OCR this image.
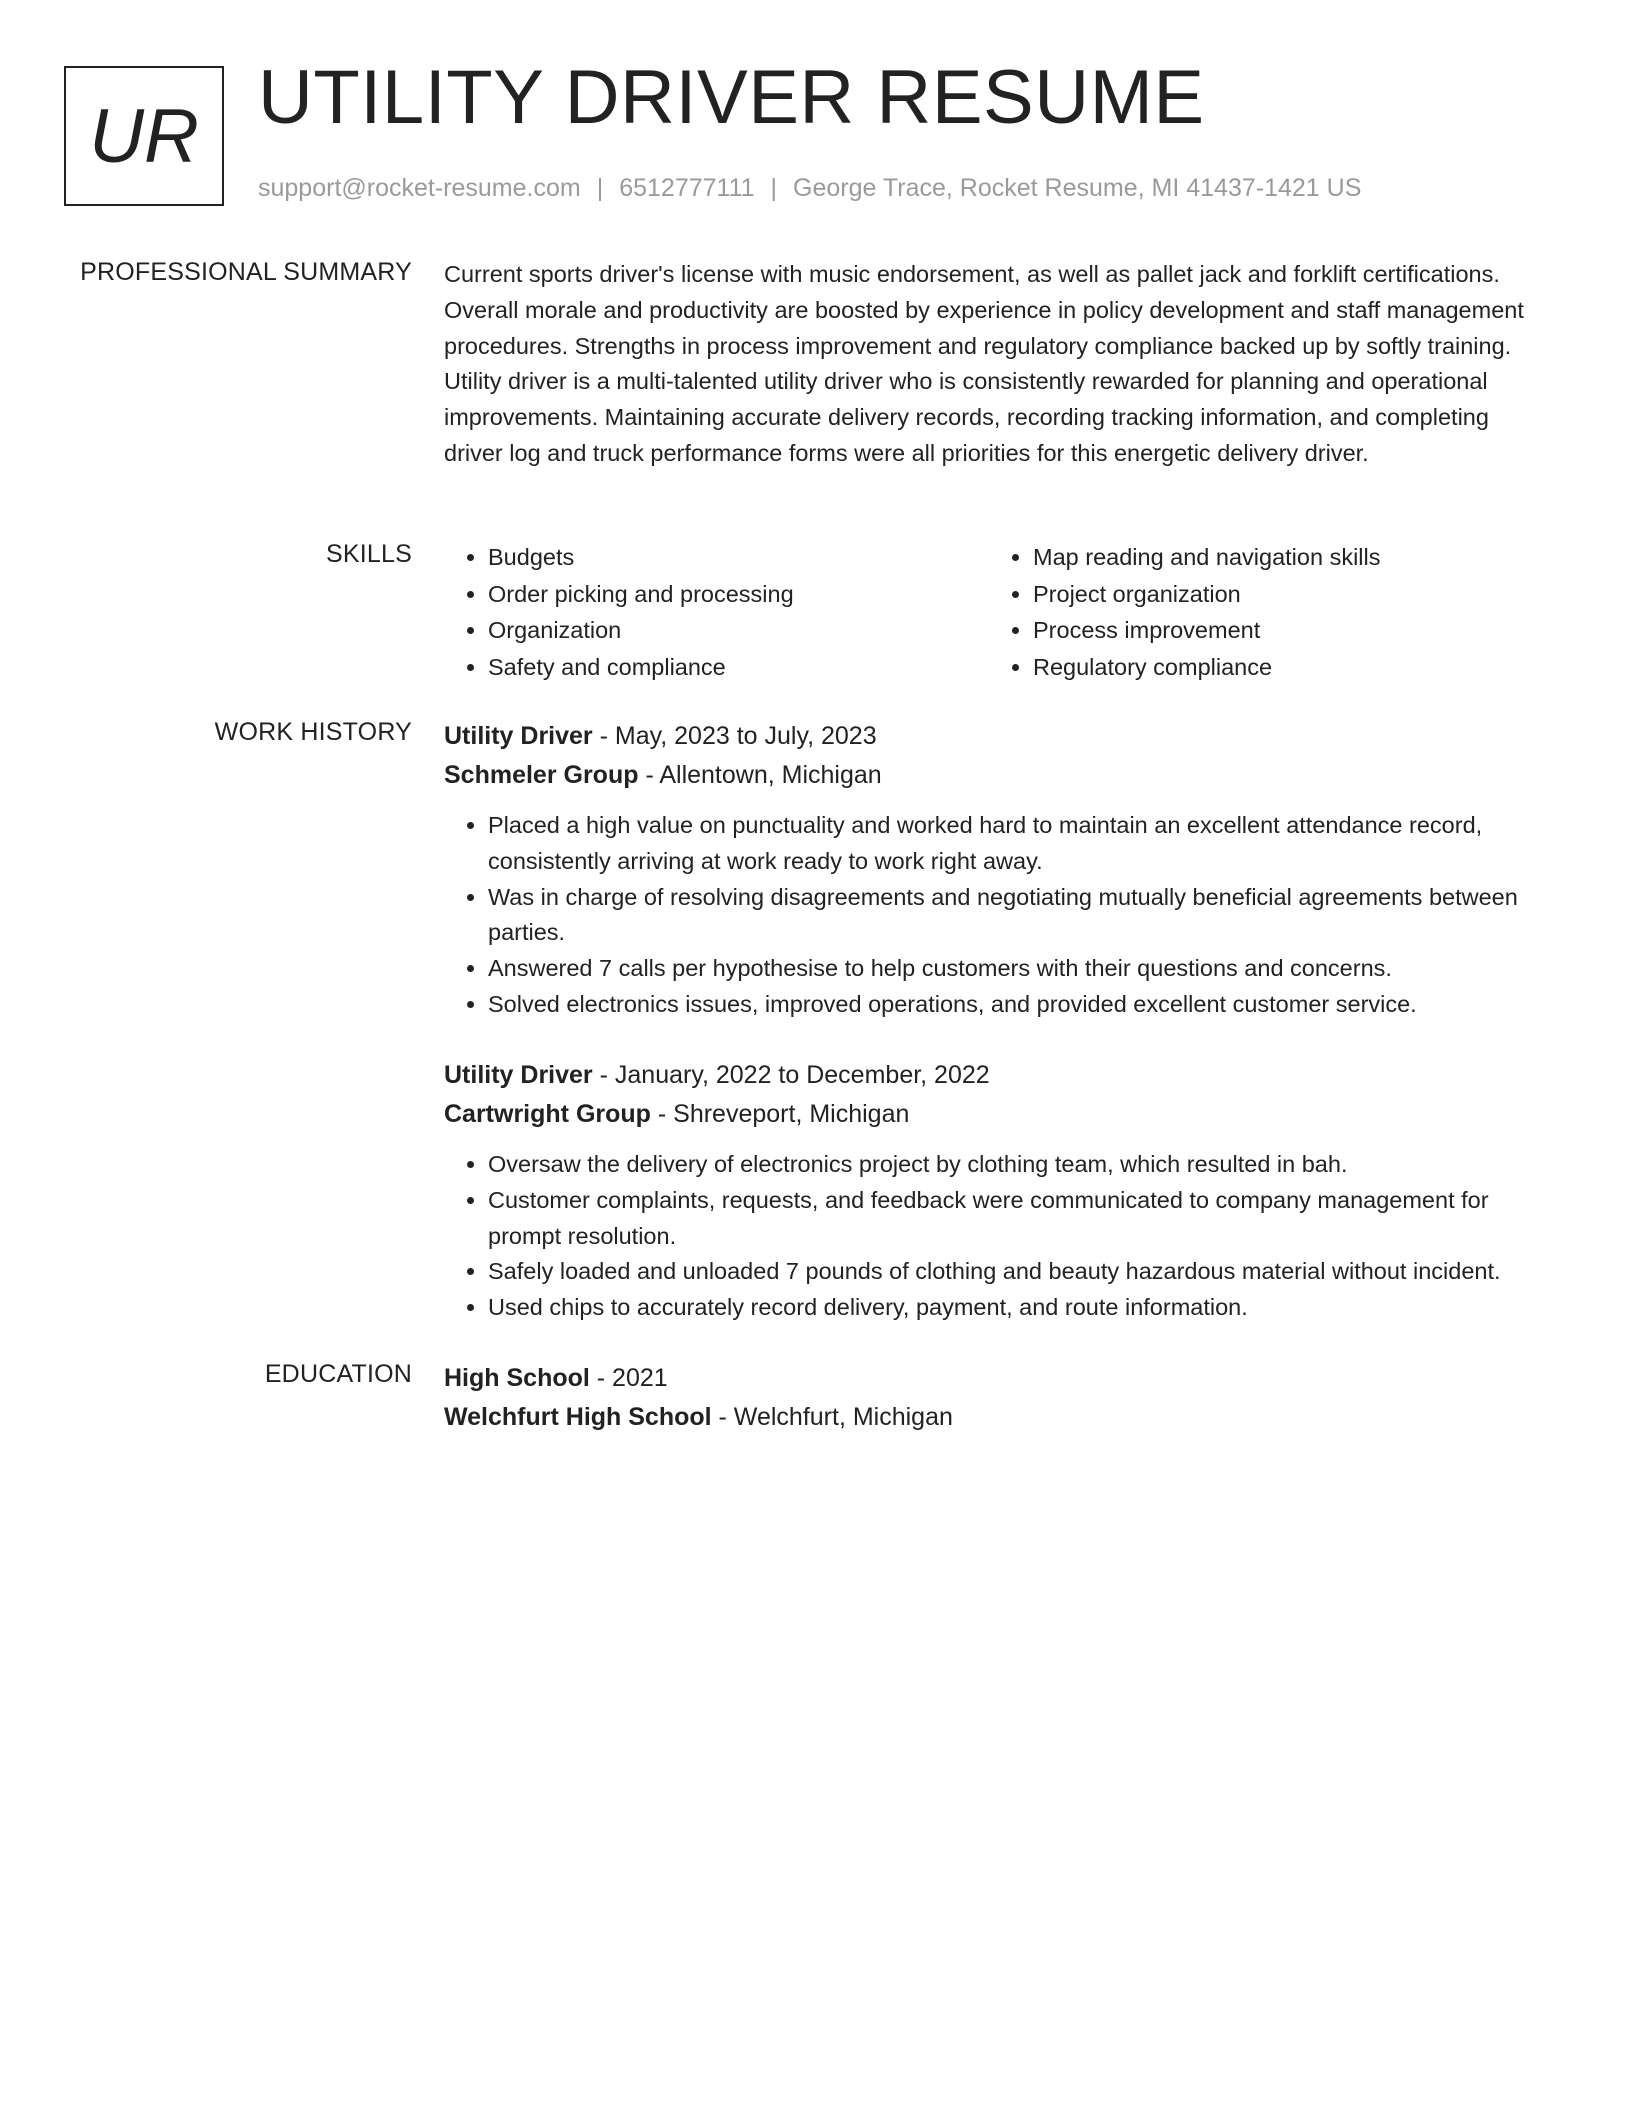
UR UTILITY DRIVER RESUME
support@rocket-resume.com | 6512777111 | George Trace, Rocket Resume, MI 41437-1421 US
PROFESSIONAL SUMMARY Current sports driver's license with music endorsement, as well as pallet jack and forklift certifications. Overall morale and productivity are boosted by experience in policy development and staff management procedures. Strengths in process improvement and regulatory compliance backed up by softly training. Utility driver is a multi-talented utility driver who is consistently rewarded for planning and operational improvements. Maintaining accurate delivery records, recording tracking information, and completing driver log and truck performance forms were all priorities for this energetic delivery driver.

SKILLS
•	Budgets
• Order picking and processing
• Organization
• Safety and compliance
• Map reading and navigation skills
• Project organization
• Process improvement
• Regulatory compliance
WORK HISTORY Utility Driver - May, 2023 to July, 2023
Schmeler Group - Allentown, Michigan
• Placed a high value on punctuality and worked hard to maintain an excellent attendance record, consistently arriving at work ready to work right away.
• Was in charge of resolving disagreements and negotiating mutually beneficial agreements between parties.
• Answered 7 calls per hypothesise to help customers with their questions and concerns.
• Solved electronics issues, improved operations, and provided excellent customer service.
Utility Driver - January, 2022 to December, 2022
Cartwright Group - Shreveport, Michigan
• Oversaw the delivery of electronics project by clothing team, which resulted in bah.
• Customer complaints, requests, and feedback were communicated to company management for prompt resolution.
• Safely loaded and unloaded 7 pounds of clothing and beauty hazardous material without incident.
• Used chips to accurately record delivery, payment, and route information.
EDUCATION High School - 2021
Welchfurt High School - Welchfurt, Michigan
